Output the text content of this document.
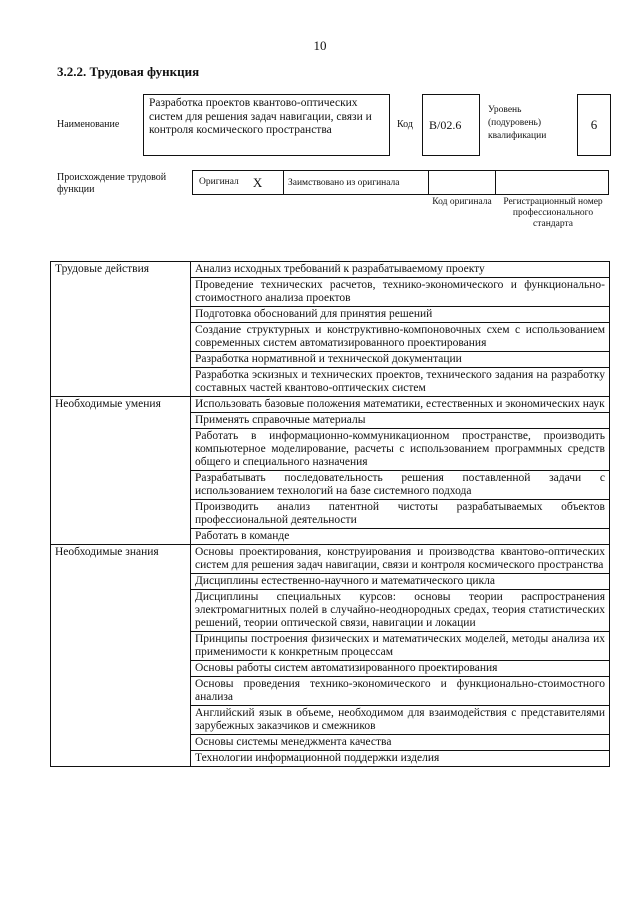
10
3.2.2. Трудовая функция
Наименование
Разработка проектов квантово-оптических систем для решения задач навигации, связи и контроля космического пространства	Код B/02.6
Уровень (подуровень) квалификации
6
Происхождение трудовой функции
Оригинал X	Заимствовано из оригинала
Код оригинала	Регистрационный номер профессионального стандарта
Трудовые действия	Анализ исходных требований к разрабатываемому проекту
	Проведение технических расчетов, технико-экономического и функционально-стоимостного анализа проектов
	Подготовка обоснований для принятия решений
	Создание структурных и конструктивно-компоновочных схем с использованием современных систем автоматизированного проектирования
	Разработка нормативной и технической документации
	Разработка эскизных и технических проектов, технического задания на разработку составных частей квантово-оптических систем
Необходимые умения	Использовать базовые положения математики, естественных и экономических наук
	Применять справочные материалы
	Работать в информационно-коммуникационном пространстве, производить компьютерное моделирование, расчеты с использованием программных средств общего и специального назначения
	Разрабатывать последовательность решения поставленной задачи с использованием технологий на базе системного подхода
	Производить анализ патентной чистоты разрабатываемых объектов профессиональной деятельности
	Работать в команде
Необходимые знания	Основы проектирования, конструирования и производства квантово-оптических систем для решения задач навигации, связи и контроля космического пространства
	Дисциплины естественно-научного и математического цикла
	Дисциплины специальных курсов: основы теории распространения электромагнитных полей в случайно-неоднородных средах, теория статистических решений, теории оптической связи, навигации и локации
	Принципы построения физических и математических моделей, методы анализа их применимости к конкретным процессам
	Основы работы систем автоматизированного проектирования
	Основы проведения технико-экономического и функционально-стоимостного анализа
	Английский язык в объеме, необходимом для взаимодействия с представителями зарубежных заказчиков и смежников
	Основы системы менеджмента качества
	Технологии информационной поддержки изделия
